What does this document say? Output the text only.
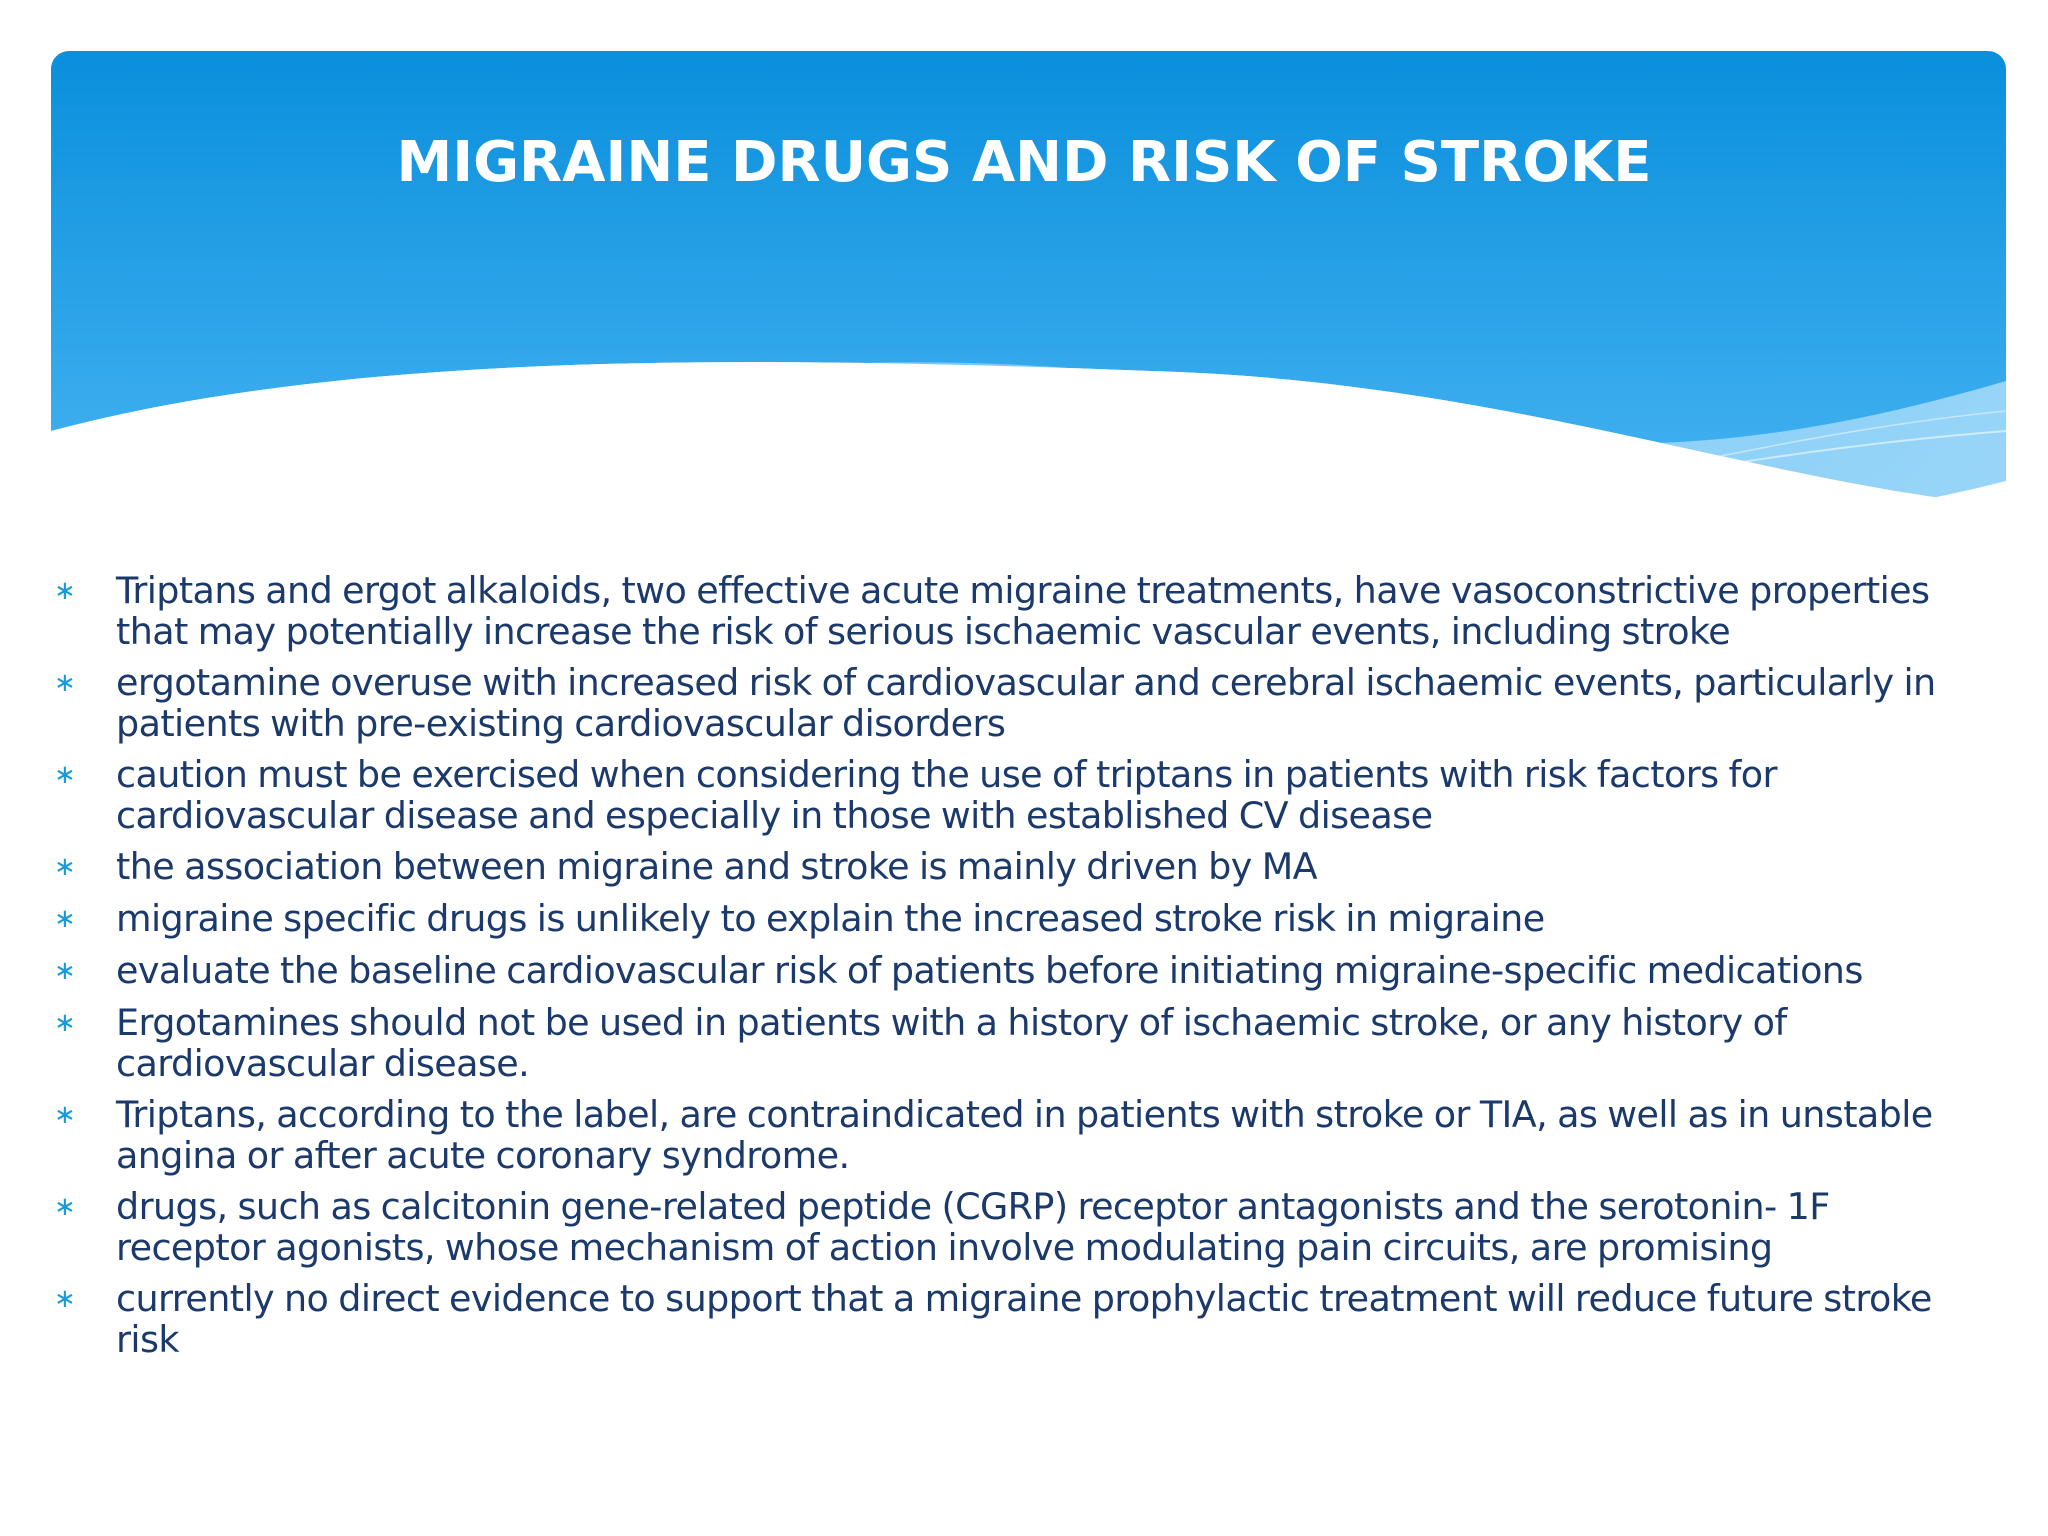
MIGRAINE DRUGS AND RISK OF STROKE
∗	Triptans and ergot alkaloids, two effective acute migraine treatments, have vasoconstrictive properties that may potentially increase the risk of serious ischaemic vascular events, including stroke
∗	ergotamine overuse with increased risk of cardiovascular and cerebral ischaemic events, particularly in patients with pre-existing cardiovascular disorders
∗	caution must be exercised when considering the use of triptans in patients with risk factors for cardiovascular disease and especially in those with established CV disease
∗	the association between migraine and stroke is mainly driven by MA
∗	migraine specific drugs is unlikely to explain the increased stroke risk in migraine
∗	evaluate the baseline cardiovascular risk of patients before initiating migraine-specific medications
∗	Ergotamines should not be used in patients with a history of ischaemic stroke, or any history of cardiovascular disease.
∗	Triptans, according to the label, are contraindicated in patients with stroke or TIA, as well as in unstable angina or after acute coronary syndrome.
∗	drugs, such as calcitonin gene-related peptide (CGRP) receptor antagonists and the serotonin- 1F receptor agonists, whose mechanism of action involve modulating pain circuits, are promising
∗	currently no direct evidence to support that a migraine prophylactic treatment will reduce future stroke risk
